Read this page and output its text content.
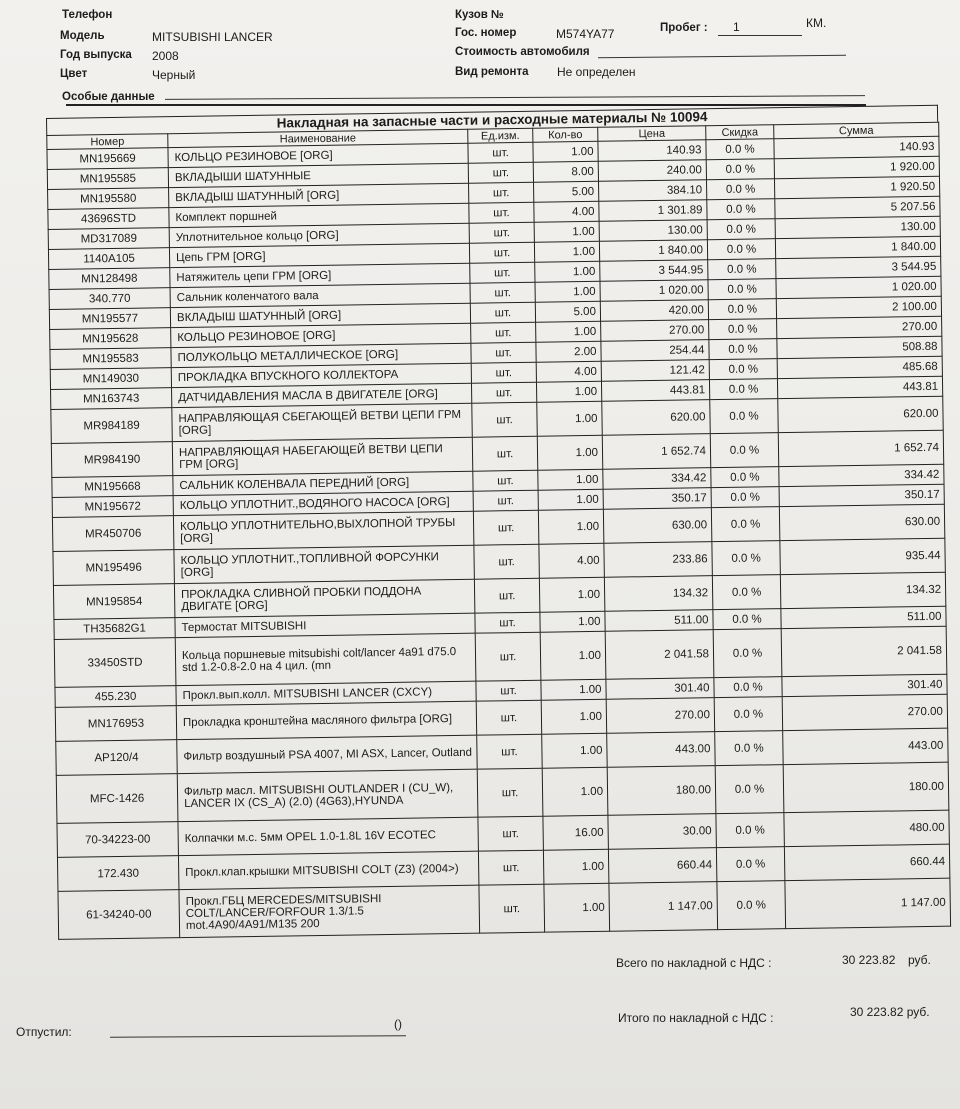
Телефон
Модель	MITSUBISHI LANCER
Год выпуска 2008
Цвет	Черный
Особые данные
Кузов №
Гос. номер	M574YA77	Пробег : 1	КМ.
Стоимость автомобиля
Вид ремонта Не определен
Накладная на запасные части и расходные материалы № 10094
Номер	Наименование	Ед.изм.	Кол-во	Цена	Скидка	Сумма
MN195669	КОЛЬЦО РЕЗИНОВОЕ [ORG]	шт.	1.00	140.93	0.0 %	140.93
MN195585	ВКЛАДЫШИ ШАТУННЫЕ	шт.	8.00	240.00	0.0 %	1 920.00
MN195580	ВКЛАДЫШ ШАТУННЫЙ [ORG]	шт.	5.00	384.10	0.0 %	1 920.50
43696STD	Комплект поршней	шт.	4.00	1 301.89	0.0 %	5 207.56
MD317089	Уплотнительное кольцо [ORG]	шт.	1.00	130.00	0.0 %	130.00
1140A105	Цепь ГРМ [ORG]	шт.	1.00	1 840.00	0.0 %	1 840.00
MN128498	Натяжитель цепи ГРМ [ORG]	шт.	1.00	3 544.95	0.0 %	3 544.95
340.770	Сальник коленчатого вала	шт.	1.00	1 020.00	0.0 %	1 020.00
MN195577	ВКЛАДЫШ ШАТУННЫЙ [ORG]	шт.	5.00	420.00	0.0 %	2 100.00
MN195628	КОЛЬЦО РЕЗИНОВОЕ [ORG]	шт.	1.00	270.00	0.0 %	270.00
MN195583	ПОЛУКОЛЬЦО МЕТАЛЛИЧЕСКОЕ [ORG]	шт.	2.00	254.44	0.0 %	508.88
MN149030	ПРОКЛАДКА ВПУСКНОГО КОЛЛЕКТОРА	шт.	4.00	121.42	0.0 %	485.68
MN163743	ДАТЧИДАВЛЕНИЯ МАСЛА В ДВИГАТЕЛЕ [ORG]	шт.	1.00	443.81	0.0 %	443.81
MR984189	НАПРАВЛЯЮЩАЯ СБЕГАЮЩЕЙ ВЕТВИ ЦЕПИ ГРМ [ORG]	шт.	1.00	620.00	0.0 %	620.00
MR984190	НАПРАВЛЯЮЩАЯ НАБЕГАЮЩЕЙ ВЕТВИ ЦЕПИ ГРМ [ORG]	шт.	1.00	1 652.74	0.0 %	1 652.74
MN195668	САЛЬНИК КОЛЕНВАЛА ПЕРЕДНИЙ [ORG]	шт.	1.00	334.42	0.0 %	334.42
MN195672	КОЛЬЦО УПЛОТНИТ.,ВОДЯНОГО НАСОСА [ORG]	шт.	1.00	350.17	0.0 %	350.17
MR450706	КОЛЬЦО УПЛОТНИТЕЛЬНО,ВЫХЛОПНОЙ ТРУБЫ [ORG]	шт.	1.00	630.00	0.0 %	630.00
MN195496	КОЛЬЦО УПЛОТНИТ.,ТОПЛИВНОЙ ФОРСУНКИ [ORG]	шт.	4.00	233.86	0.0 %	935.44
MN195854	ПРОКЛАДКА СЛИВНОЙ ПРОБКИ ПОДДОНА ДВИГАТЕ [ORG]	шт.	1.00	134.32	0.0 %	134.32
TH35682G1	Термостат MITSUBISHI	шт.	1.00	511.00	0.0 %	511.00
33450STD	Кольца поршневые mitsubishi colt/lancer 4a91 d75.0 std 1.2-0.8-2.0 на 4 цил. (mn	шт.	1.00	2 041.58	0.0 %	2 041.58
455.230	Прокл.вып.колл. MITSUBISHI LANCER (CXCY)	шт.	1.00	301.40	0.0 %	301.40
MN176953	Прокладка кронштейна масляного фильтра [ORG]	шт.	1.00	270.00	0.0 %	270.00
AP120/4	Фильтр воздушный PSA 4007, MI ASX, Lancer, Outland	шт.	1.00	443.00	0.0 %	443.00
MFC-1426	Фильтр масл. MITSUBISHI OUTLANDER I (CU_W), LANCER IX (CS_A) (2.0) (4G63),HYUNDA	шт.	1.00	180.00	0.0 %	180.00
70-34223-00	Колпачки м.с. 5мм OPEL 1.0-1.8L 16V ECOTEC	шт.	16.00	30.00	0.0 %	480.00
172.430	Прокл.клап.крышки MITSUBISHI COLT (Z3) (2004>)	шт.	1.00	660.44	0.0 %	660.44
61-34240-00	Прокл.ГБЦ MERCEDES/MITSUBISHI COLT/LANCER/FORFOUR 1.3/1.5 mot.4A90/4A91/M135 200	шт.	1.00	1 147.00	0.0 %	1 147.00
Всего по накладной с НДС :	30 223.82 руб.
Итого по накладной с НДС :	30 223.82 руб.
Отпустил:
()
